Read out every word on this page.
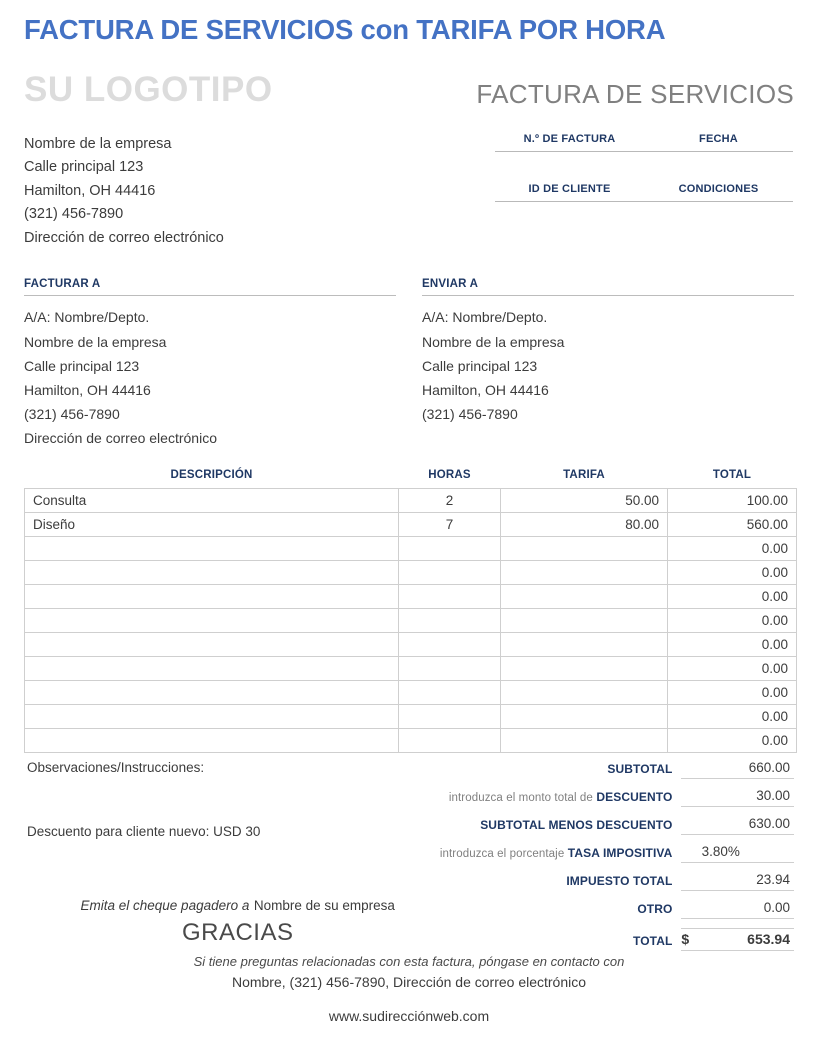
FACTURA DE SERVICIOS con TARIFA POR HORA
SU LOGOTIPO	FACTURA DE SERVICIOS
Nombre de la empresa
Calle principal 123
Hamilton, OH 44416
(321) 456-7890
Dirección de correo electrónico
N.º DE FACTURA	FECHA
ID DE CLIENTE	CONDICIONES
FACTURAR A
A/A: Nombre/Depto.
Nombre de la empresa
Calle principal 123
Hamilton, OH 44416
(321) 456-7890
Dirección de correo electrónico
ENVIAR A
A/A: Nombre/Depto.
Nombre de la empresa
Calle principal 123
Hamilton, OH 44416
(321) 456-7890
DESCRIPCIÓN	HORAS	TARIFA	TOTAL
Consulta	2	50.00	100.00
Diseño	7	80.00	560.00
			0.00
			0.00
			0.00
			0.00
			0.00
			0.00
			0.00
			0.00
			0.00
Observaciones/Instrucciones:
Descuento para cliente nuevo: USD 30
Emita el cheque pagadero a Nombre de su empresa
GRACIAS
SUBTOTAL	660.00
introduzca el monto total de DESCUENTO	30.00
SUBTOTAL MENOS DESCUENTO	630.00
introduzca el porcentaje TASA IMPOSITIVA	3.80%
IMPUESTO TOTAL	23.94
OTRO	0.00
TOTAL $	653.94
Si tiene preguntas relacionadas con esta factura, póngase en contacto con
Nombre, (321) 456-7890, Dirección de correo electrónico
www.sudirecciónweb.com
